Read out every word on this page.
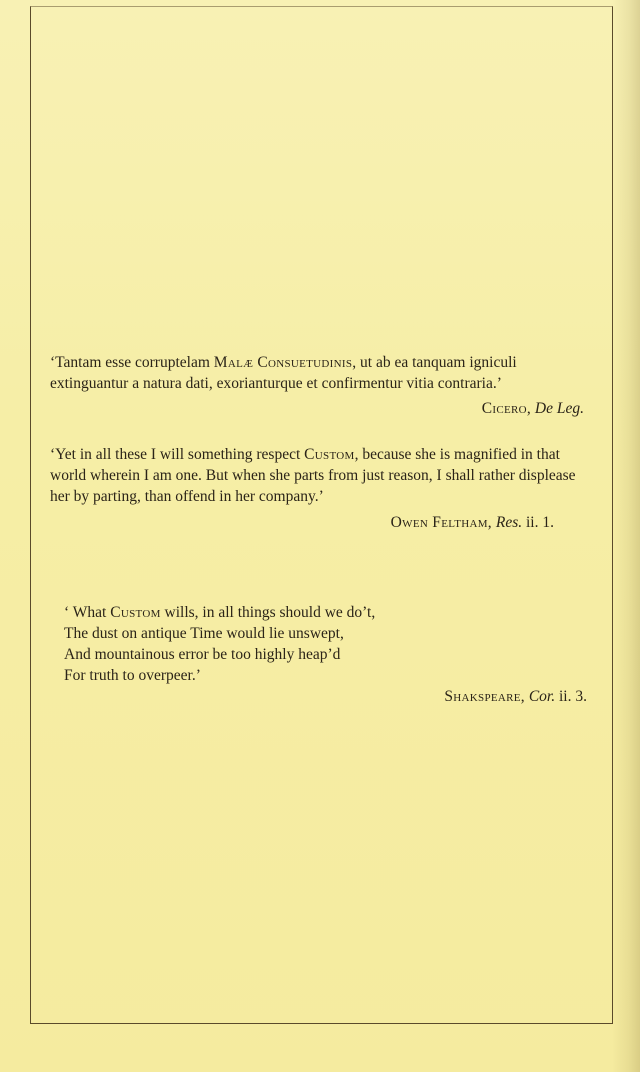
‘Tantam esse corruptelam Malæ Consuetudinis, ut ab ea tanquam igniculi extinguantur a natura dati, exorianturque et confirmentur vitia contraria.’
Cicero, De Leg.
‘Yet in all these I will something respect Custom, because she is magnified in that world wherein I am one. But when she parts from just reason, I shall rather displease her by parting, than offend in her company.’
Owen Feltham, Res. ii. 1.
‘ What Custom wills, in all things should we do’t,
The dust on antique Time would lie unswept,
And mountainous error be too highly heap’d
For truth to overpeer.’
Shakspeare, Cor. ii. 3.
